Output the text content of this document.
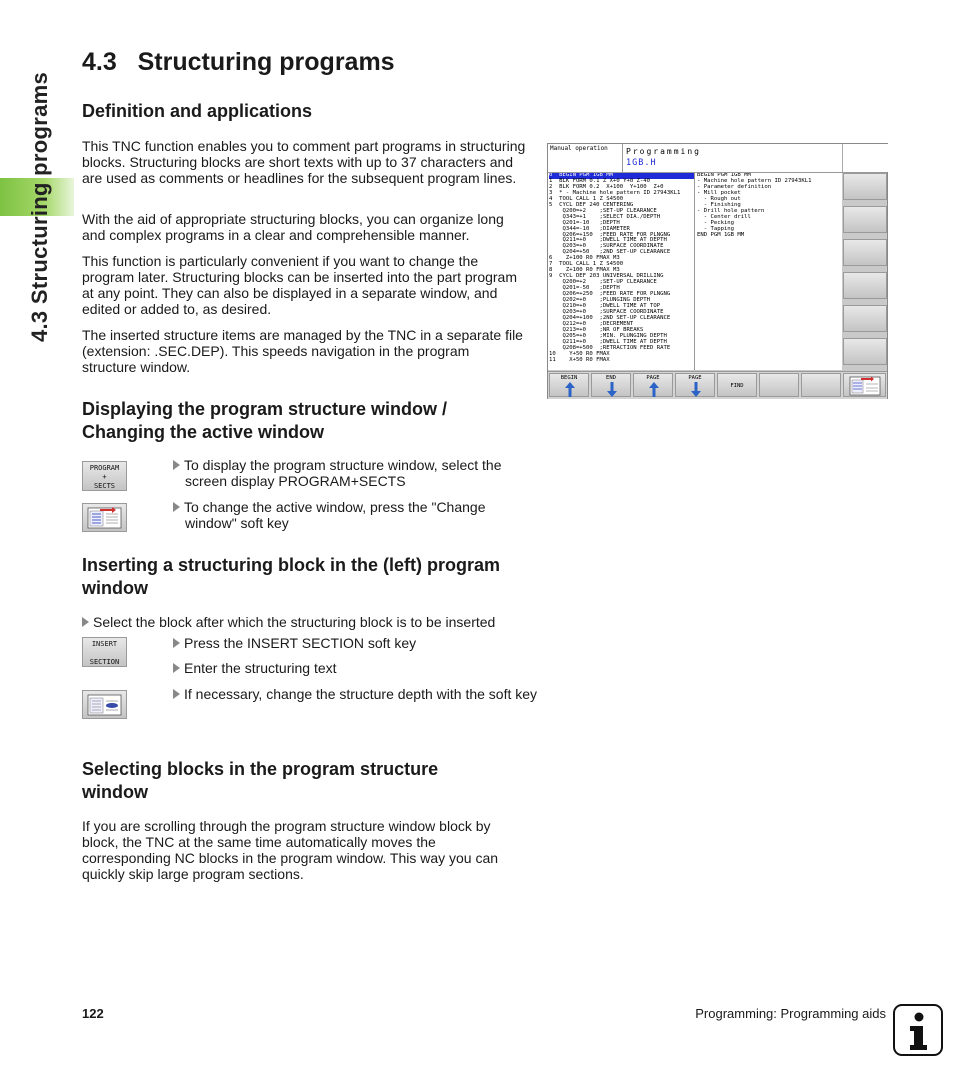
4.3 Structuring programs
4.3 Structuring programs
Definition and applications

This TNC function enables you to comment part programs in structuring blocks. Structuring blocks are short texts with up to 37 characters and are used as comments or headlines for the subsequent program lines.

With the aid of appropriate structuring blocks, you can organize long and complex programs in a clear and comprehensible manner.

This function is particularly convenient if you want to change the program later. Structuring blocks can be inserted into the part program at any point. They can also be displayed in a separate window, and edited or added to, as desired.

The inserted structure items are managed by the TNC in a separate file (extension: .SEC.DEP). This speeds navigation in the program structure window.

Displaying the program structure window /
Changing the active window
PROGRAM
+
SECTS
To display the program structure window, select the screen display PROGRAM+SECTS
To change the active window, press the "Change window" soft key
Inserting a structuring block in the (left) program
window
Select the block after which the structuring block is to be inserted
INSERT

SECTION
Press the INSERT SECTION soft key
Enter the structuring text
If necessary, change the structure depth with the soft key
Selecting blocks in the program structure
window

If you are scrolling through the program structure window block by block, the TNC at the same time automatically moves the corresponding NC blocks in the program window. This way you can quickly skip large program sections.

Manual operation Programming
1GB.H
0  BEGIN PGM 1GB MM
1  BLK FORM 0.1 Z X+0 Y+0 Z-40
2  BLK FORM 0.2  X+100  Y+100  Z+0
3  * - Machine hole pattern ID 27943KL1
4  TOOL CALL 1 Z S4500
5  CYCL DEF 240 CENTERING
Q200=+2    ;SET-UP CLEARANCE
Q343=+1    ;SELECT DIA./DEPTH
Q201=-10   ;DEPTH
Q344=-10   ;DIAMETER
Q206=+150  ;FEED RATE FOR PLNGNG
Q211=+0    ;DWELL TIME AT DEPTH
Q203=+0    ;SURFACE COORDINATE
Q204=+50   ;2ND SET-UP CLEARANCE
6    Z+100 R0 FMAX M3
7  TOOL CALL 1 Z S4500
8    Z+100 R0 FMAX M3
9  CYCL DEF 203 UNIVERSAL DRILLING
Q200=+2    ;SET-UP CLEARANCE
Q201=-50   ;DEPTH
Q206=+250  ;FEED RATE FOR PLNGNG
Q202=+0    ;PLUNGING DEPTH
Q210=+0    ;DWELL TIME AT TOP
Q203=+0    ;SURFACE COORDINATE
Q204=+100  ;2ND SET-UP CLEARANCE
Q212=+0    ;DECREMENT
Q213=+0    ;NR OF BREAKS
Q205=+0    ;MIN. PLUNGING DEPTH
Q211=+0    ;DWELL TIME AT DEPTH
Q208=+500  ;RETRACTION FEED RATE
10    Y+50 R0 FMAX
11    X+50 R0 FMAX
BEGIN PGM 1GB MM
- Machine hole pattern ID 27943KL1
- Parameter definition
- Mill pocket
- Rough out
- Finishing
- Drill hole pattern
- Center drill
- Pecking
- Tapping
END PGM 1GB MM
BEGIN	END	PAGE	PAGE
FIND
122	Programming: Programming aids
